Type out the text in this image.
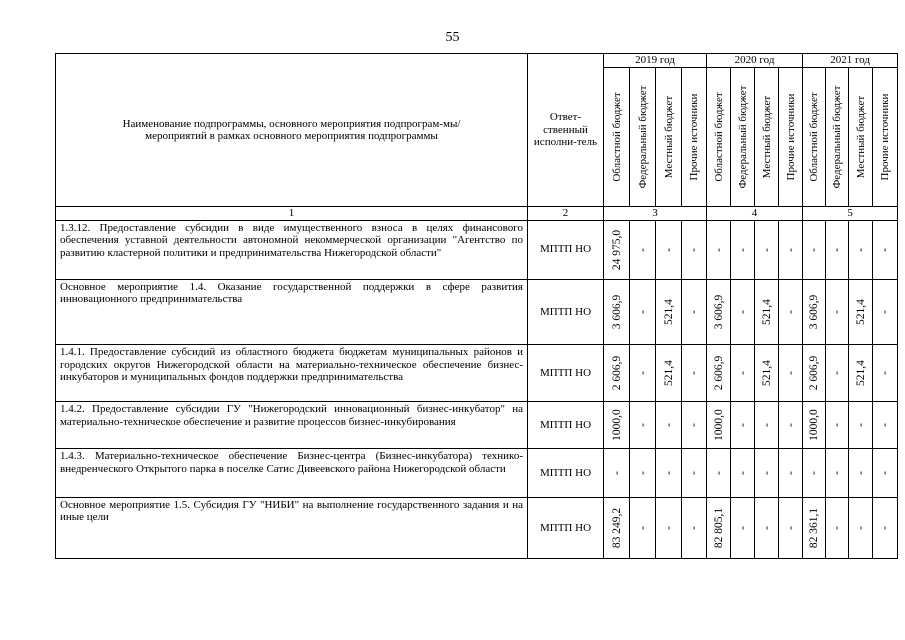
55
Наименование подпрограммы, основного мероприятия подпрограм-мы/мероприятий в рамках основного мероприятия подпрограммы	Ответ-ственный исполни-тель	2019 год				2020 год				2021 год			

		Областной бюджет	Федеральный бюджет	Местный бюджет	Прочие источники	Областной бюджет	Федеральный бюджет	Местный бюджет	Прочие источники	Областной бюджет	Федеральный бюджет	Местный бюджет	Прочие источники

1	2	3				4				5			
1.3.12. Предоставление субсидии в виде имущественного взноса в целях финансового обеспечения уставной деятельности автономной некоммерческой организации "Агентство по развитию кластерной политики и предпринимательства Нижегородской области"	МПТП НО	24 975,0	-	-	-	-	-	-	-	-	-	-	-

Основное мероприятие 1.4. Оказание государственной поддержки в сфере развития инновационного предпринимательства	МПТП НО	3 606,9	-	521,4	-	3 606,9	-	521,4	-	3 606,9	-	521,4	-

1.4.1. Предоставление субсидий из областного бюджета бюджетам муниципальных районов и городских округов Нижегородской области на материально-техническое обеспечение бизнес-инкубаторов и муниципальных фондов поддержки предпринимательства	МПТП НО	2 606,9	-	521,4	-	2 606,9	-	521,4	-	2 606,9	-	521,4	-

1.4.2. Предоставление субсидии ГУ "Нижегородский инновационный бизнес-инкубатор" на материально-техническое обеспечение и развитие процессов бизнес-инкубирования	МПТП НО	1000,0	-	-	-	1000,0	-	-	-	1000,0	-	-	-

1.4.3. Материально-техническое обеспечение Бизнес-центра (Бизнес-инкубатора) технико-внедренческого Открытого парка в поселке Сатис Дивеевского района Нижегородской области	МПТП НО	-	-	-	-	-	-	-	-	-	-	-	-

Основное мероприятие 1.5. Субсидия ГУ "НИБИ" на выполнение государственного задания и на иные цели	МПТП НО	83 249,2	-	-	-	82 805,1	-	-	-	82 361,1	-	-	-
